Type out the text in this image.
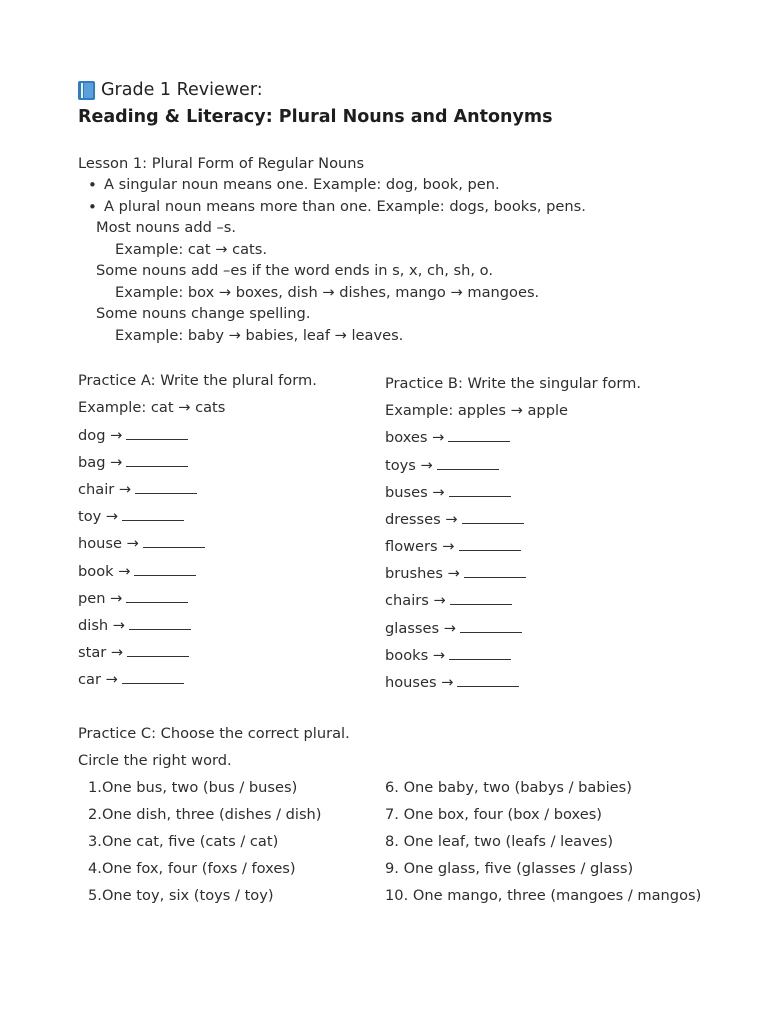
Grade 1 Reviewer:
Reading & Literacy: Plural Nouns and Antonyms
Lesson 1: Plural Form of Regular Nouns
• A singular noun means one. Example: dog, book, pen.
• A plural noun means more than one. Example: dogs, books, pens.
Most nouns add –s.
Example: cat → cats.
Some nouns add –es if the word ends in s, x, ch, sh, o.
Example: box → boxes, dish → dishes, mango → mangoes.
Some nouns change spelling.
Example: baby → babies, leaf → leaves.
Practice A: Write the plural form.
Example: cat → cats
dog →
bag →
chair →
toy →
house →
book →
pen →
dish →
star →
car →
Practice B: Write the singular form.
Example: apples → apple
boxes →
toys →
buses →
dresses →
flowers →
brushes →
chairs →
glasses →
books →
houses →
Practice C: Choose the correct plural.
Circle the right word.
1.One bus, two (bus / buses)
2.One dish, three (dishes / dish)
3.One cat, five (cats / cat)
4.One fox, four (foxs / foxes)
5.One toy, six (toys / toy)
6. One baby, two (babys / babies)
7. One box, four (box / boxes)
8. One leaf, two (leafs / leaves)
9. One glass, five (glasses / glass)
10. One mango, three (mangoes / mangos)
